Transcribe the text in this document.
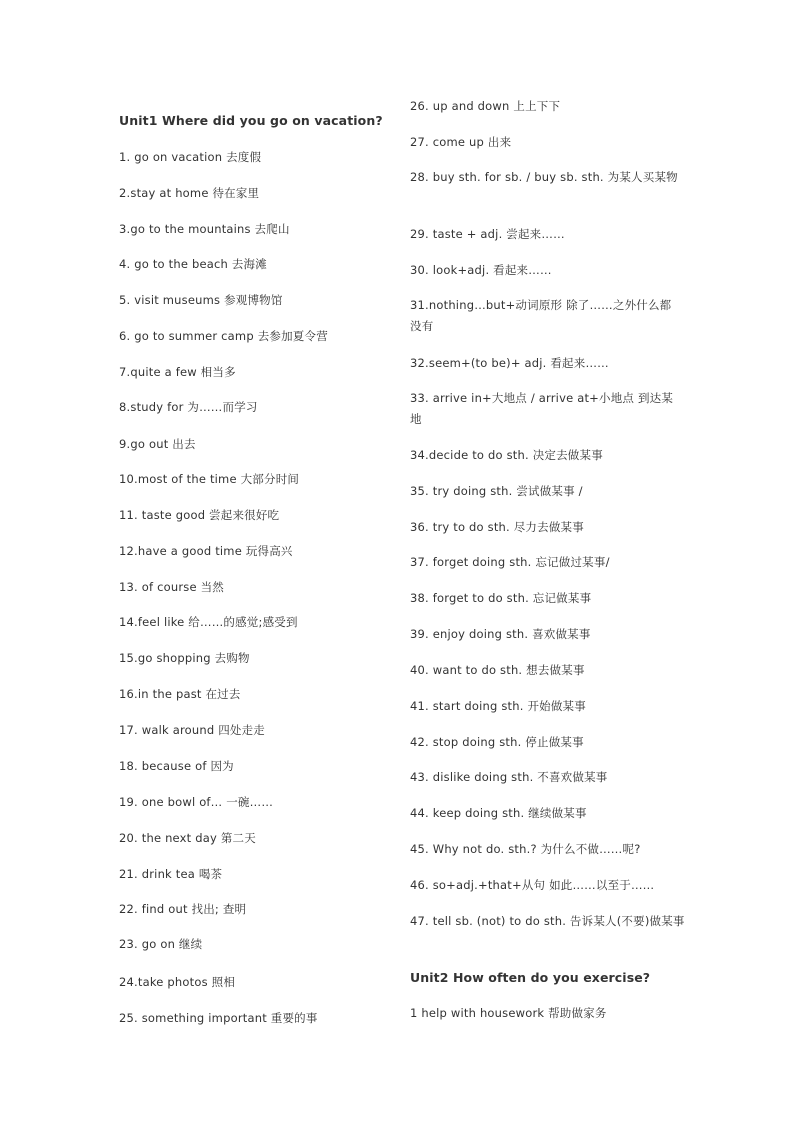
Unit1 Where did you go on vacation?
1. go on vacation 去度假
2.stay at home 待在家里
3.go to the mountains 去爬山
4. go to the beach 去海滩
5. visit museums 参观博物馆
6. go to summer camp 去参加夏令营
7.quite a few 相当多
8.study for 为……而学习
9.go out 出去
10.most of the time 大部分时间
11. taste good 尝起来很好吃
12.have a good time 玩得高兴
13. of course 当然
14.feel like 给……的感觉;感受到
15.go shopping 去购物
16.in the past 在过去
17. walk around 四处走走
18. because of 因为
19. one bowl of… 一碗……
20. the next day 第二天
21. drink tea 喝茶
22. find out 找出; 查明
23. go on 继续
24.take photos 照相
25. something important 重要的事
26. up and down 上上下下
27. come up 出来
28. buy sth. for sb. / buy sb. sth. 为某人买某物
29. taste + adj. 尝起来……
30. look+adj. 看起来……
31.nothing…but+动词原形 除了……之外什么都没有
32.seem+(to be)+ adj. 看起来……
33. arrive in+大地点 / arrive at+小地点 到达某地
34.decide to do sth. 决定去做某事
35. try doing sth. 尝试做某事 /
36. try to do sth. 尽力去做某事
37. forget doing sth. 忘记做过某事/
38. forget to do sth. 忘记做某事
39. enjoy doing sth. 喜欢做某事
40. want to do sth. 想去做某事
41. start doing sth. 开始做某事
42. stop doing sth. 停止做某事
43. dislike doing sth. 不喜欢做某事
44. keep doing sth. 继续做某事
45. Why not do. sth.? 为什么不做……呢?
46. so+adj.+that+从句 如此……以至于……
47. tell sb. (not) to do sth. 告诉某人(不要)做某事
Unit2 How often do you exercise?
1 help with housework 帮助做家务
